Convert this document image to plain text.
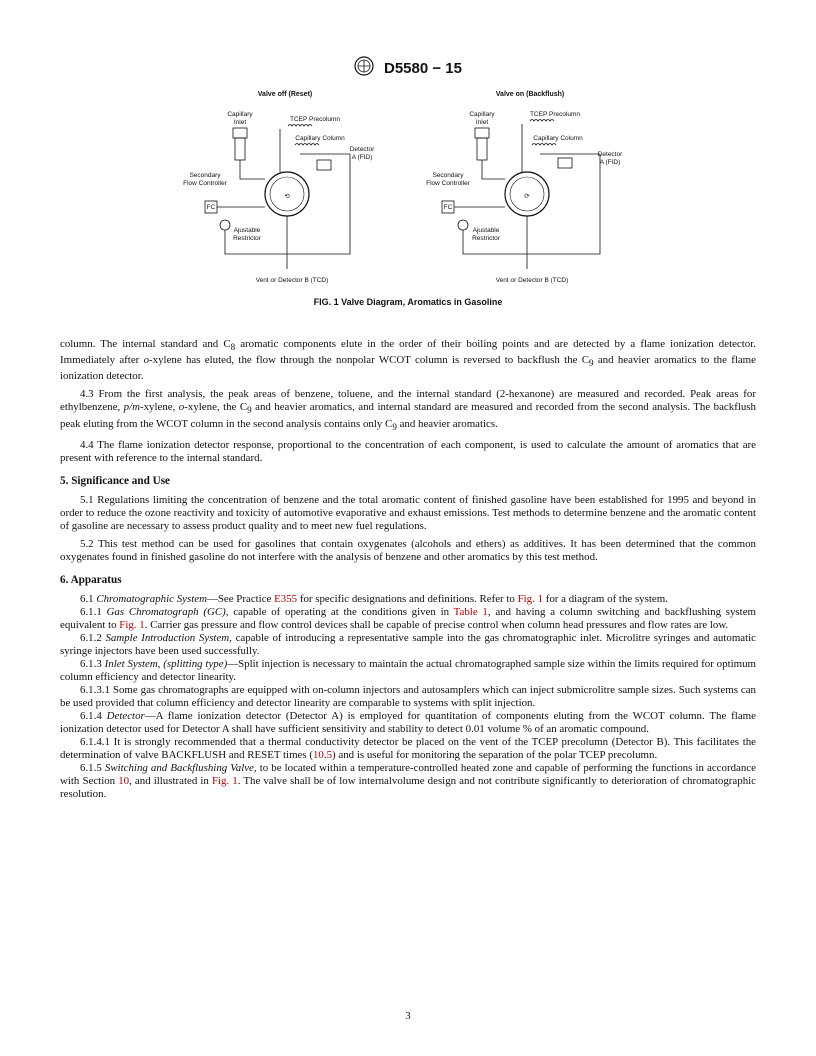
D5580 − 15
Valve off (Reset)
Capillary
Inlet	TCEP Precolumn
Capillary Column
Detector
A (FID)
Secondary
Flow Controller
⟲
FC
Ajustable
Restrictor
Vent or Detector B (TCD)
Valve on (Backflush)
Capillary
Inlet
TCEP Precolumn
Capillary Column
Detector
A (FID)
Secondary
Flow Controller
⟳
FC
Ajustable
Restrictor
Vent or Detector B (TCD)
FIG. 1 Valve Diagram, Aromatics in Gasoline

column. The internal standard and $C_8$ aromatic components elute in the order of their boiling points and are detected by a flame ionization detector. Immediately after o-xylene has eluted, the flow through the nonpolar WCOT column is reversed to backflush the $C_9$ and heavier aromatics to the flame ionization detector.

4.3 From the first analysis, the peak areas of benzene, toluene, and the internal standard (2-hexanone) are measured and recorded. Peak areas for ethylbenzene, p/m-xylene, o-xylene, the $C_9$ and heavier aromatics, and internal standard are measured and recorded from the second analysis. The backflush peak eluting from the WCOT column in the second analysis contains only $C_9$ and heavier aromatics.

4.4 The flame ionization detector response, proportional to the concentration of each component, is used to calculate the amount of aromatics that are present with reference to the internal standard.

5. Significance and Use

5.1 Regulations limiting the concentration of benzene and the total aromatic content of finished gasoline have been established for 1995 and beyond in order to reduce the ozone reactivity and toxicity of automotive evaporative and exhaust emissions. Test methods to determine benzene and the aromatic content of gasoline are necessary to assess product quality and to meet new fuel regulations.

5.2 This test method can be used for gasolines that contain oxygenates (alcohols and ethers) as additives. It has been determined that the common oxygenates found in finished gasoline do not interfere with the analysis of benzene and other aromatics by this test method.

6. Apparatus

6.1 Chromatographic System—See Practice E355 for specific designations and definitions. Refer to Fig. 1 for a diagram of the system.

6.1.1 Gas Chromatograph (GC), capable of operating at the conditions given in Table 1, and having a column switching and backflushing system equivalent to Fig. 1. Carrier gas pressure and flow control devices shall be capable of precise control when column head pressures and flow rates are low.

6.1.2 Sample Introduction System, capable of introducing a representative sample into the gas chromatographic inlet. Microlitre syringes and automatic syringe injectors have been used successfully.

6.1.3 Inlet System, (splitting type)—Split injection is necessary to maintain the actual chromatographed sample size within the limits required for optimum column efficiency and detector linearity.

6.1.3.1 Some gas chromatographs are equipped with on-column injectors and autosamplers which can inject submicrolitre sample sizes. Such systems can be used provided that column efficiency and detector linearity are comparable to systems with split injection.

6.1.4 Detector—A flame ionization detector (Detector A) is employed for quantitation of components eluting from the WCOT column. The flame ionization detector used for Detector A shall have sufficient sensitivity and stability to detect 0.01 volume % of an aromatic compound.

6.1.4.1 It is strongly recommended that a thermal conductivity detector be placed on the vent of the TCEP precolumn (Detector B). This facilitates the determination of valve BACKFLUSH and RESET times (10.5) and is useful for monitoring the separation of the polar TCEP precolumn.

6.1.5 Switching and Backflushing Valve, to be located within a temperature-controlled heated zone and capable of performing the functions in accordance with Section 10, and illustrated in Fig. 1. The valve shall be of low internalvolume design and not contribute significantly to deterioration of chromatographic resolution.

3
